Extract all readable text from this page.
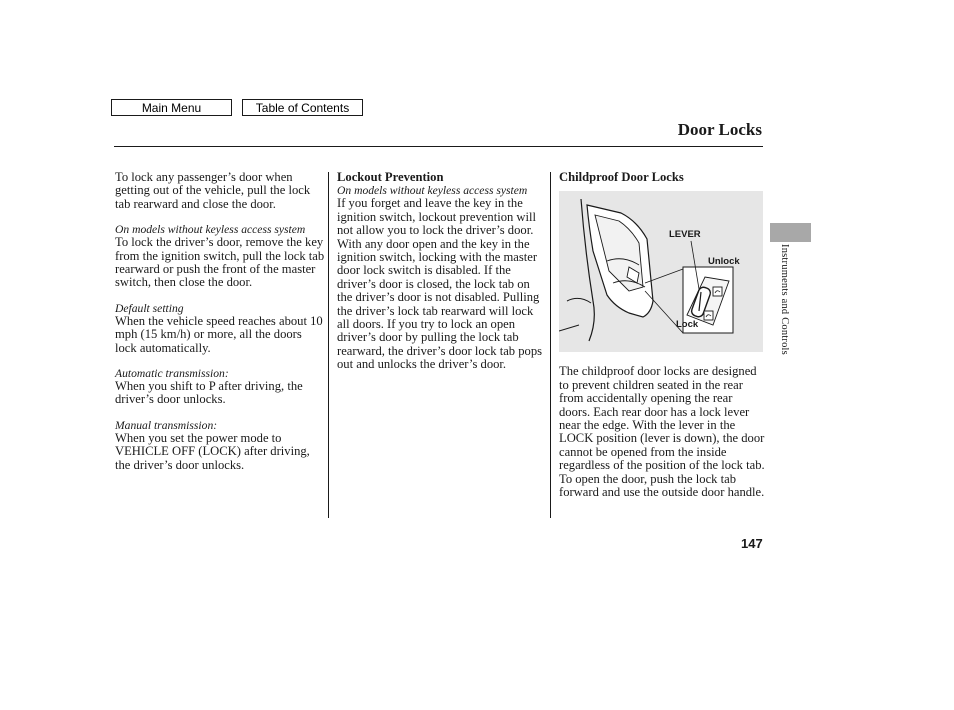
Main Menu	Table of Contents
Door Locks

To lock any passenger’s door when getting out of the vehicle, pull the lock tab rearward and close the door.

On models without keyless access system

To lock the driver’s door, remove the key from the ignition switch, pull the lock tab rearward or push the front of the master switch, then close the door.

Default setting

When the vehicle speed reaches about 10 mph (15 km/h) or more, all the doors lock automatically.

Automatic transmission:

When you shift to P after driving, the driver’s door unlocks.

Manual transmission:

When you set the power mode to VEHICLE OFF (LOCK) after driving, the driver’s door unlocks.

Lockout Prevention

On models without keyless access system

If you forget and leave the key in the ignition switch, lockout prevention will not allow you to lock the driver’s door. With any door open and the key in the ignition switch, locking with the master door lock switch is disabled. If the driver’s door is closed, the lock tab on the driver’s door is not disabled. Pulling the driver’s lock tab rearward will lock all doors. If you try to lock an open driver’s door by pulling the lock tab rearward, the driver’s door lock tab pops out and unlocks the driver’s door.

Childproof Door Locks

The childproof door locks are designed to prevent children seated in the rear from accidentally opening the rear doors. Each rear door has a lock lever near the edge. With the lever in the LOCK position (lever is down), the door cannot be opened from the inside regardless of the position of the lock tab. To open the door, push the lock tab forward and use the outside door handle.

LEVER
Unlock
Lock	Instruments and Controls
147
